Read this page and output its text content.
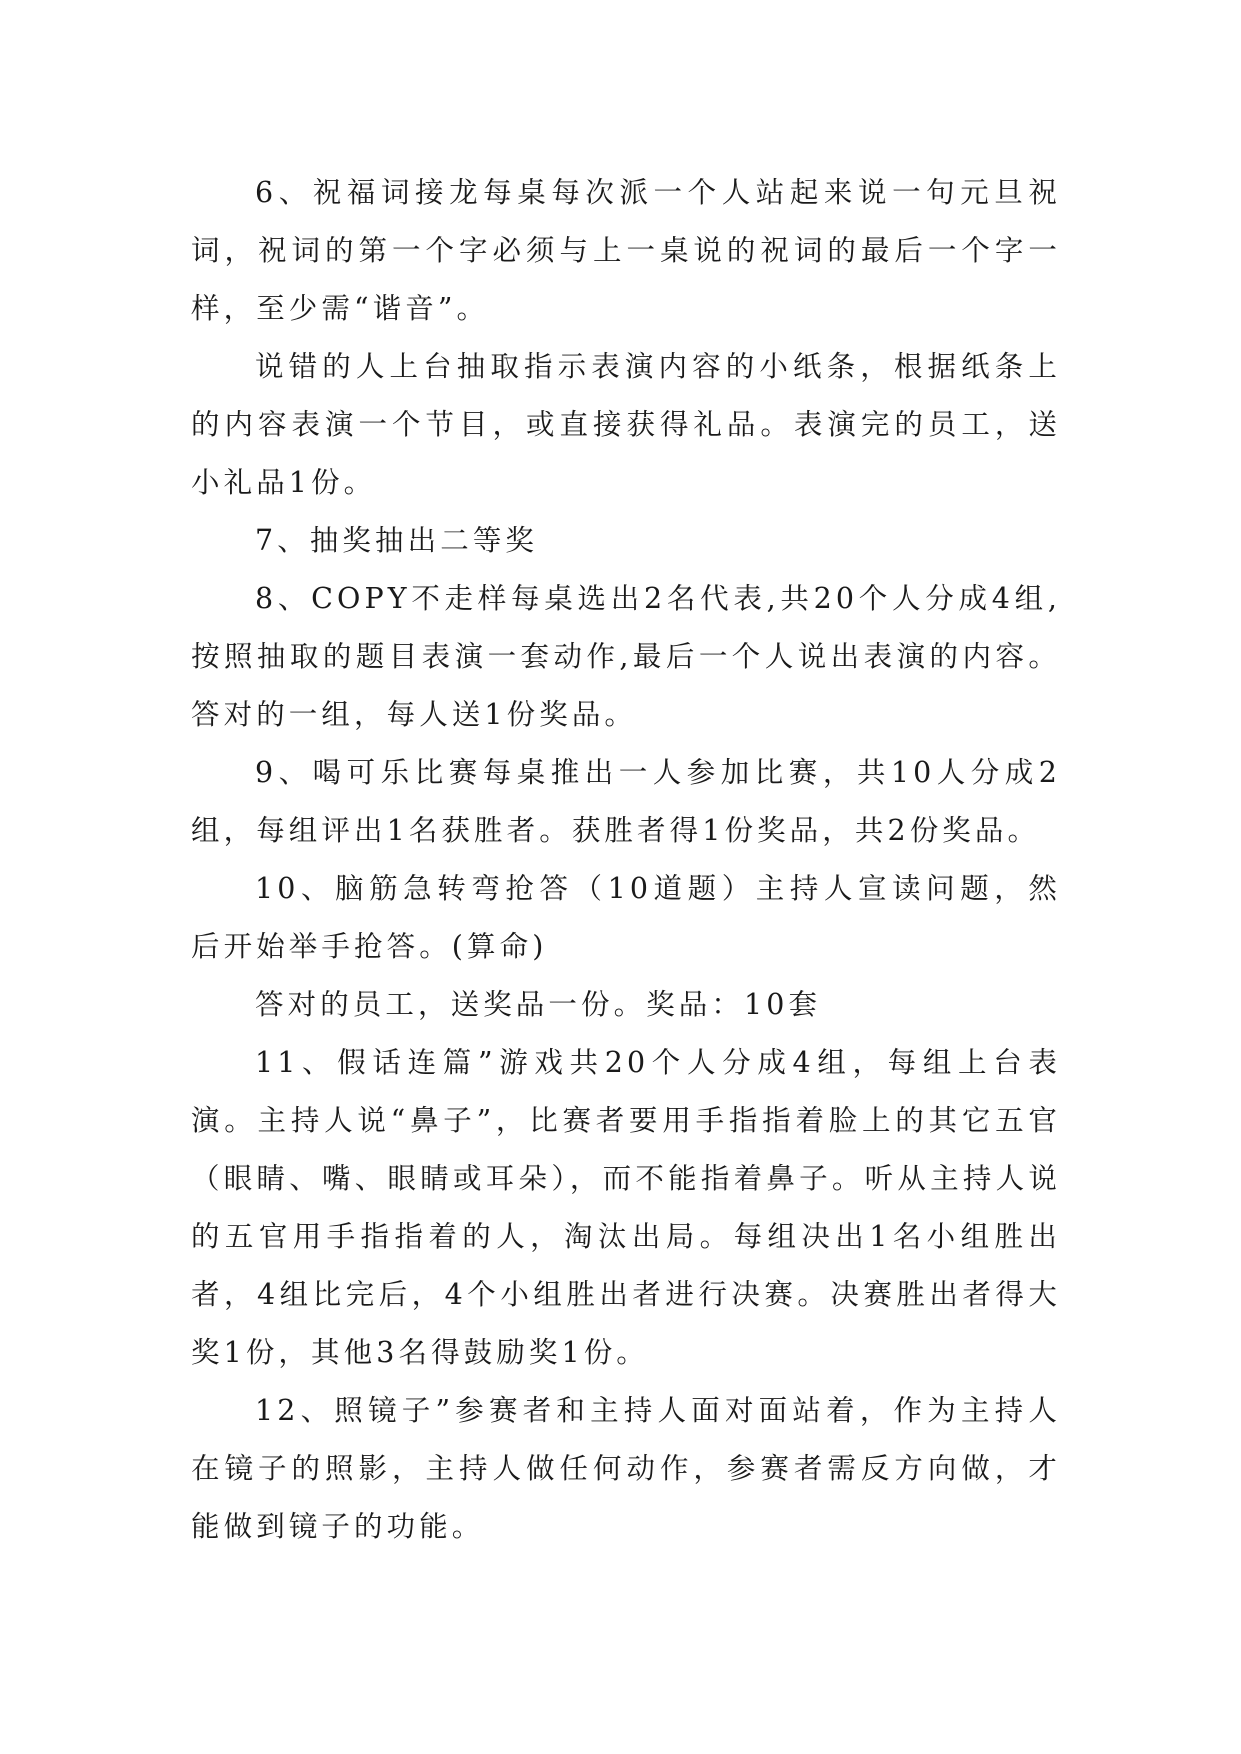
6、祝福词接龙每桌每次派一个人站起来说一句元旦祝词，祝词的第一个字必须与上一桌说的祝词的最后一个字一样，至少需“谐音”。

说错的人上台抽取指示表演内容的小纸条，根据纸条上的内容表演一个节目，或直接获得礼品。表演完的员工，送小礼品1份。

7、抽奖抽出二等奖

8、COPY不走样每桌选出2名代表,共20个人分成4组,按照抽取的题目表演一套动作,最后一个人说出表演的内容。答对的一组，每人送1份奖品。

9、喝可乐比赛每桌推出一人参加比赛，共10人分成2组，每组评出1名获胜者。获胜者得1份奖品，共2份奖品。

10、脑筋急转弯抢答（10道题）主持人宣读问题，然后开始举手抢答。(算命)

答对的员工，送奖品一份。奖品：10套

11、假话连篇”游戏共20个人分成4组，每组上台表演。主持人说“鼻子”，比赛者要用手指指着脸上的其它五官（眼睛、嘴、眼睛或耳朵），而不能指着鼻子。听从主持人说的五官用手指指着的人，淘汰出局。每组决出1名小组胜出者，4组比完后，4个小组胜出者进行决赛。决赛胜出者得大奖1份，其他3名得鼓励奖1份。

12、照镜子”参赛者和主持人面对面站着，作为主持人在镜子的照影，主持人做任何动作，参赛者需反方向做，才能做到镜子的功能。
